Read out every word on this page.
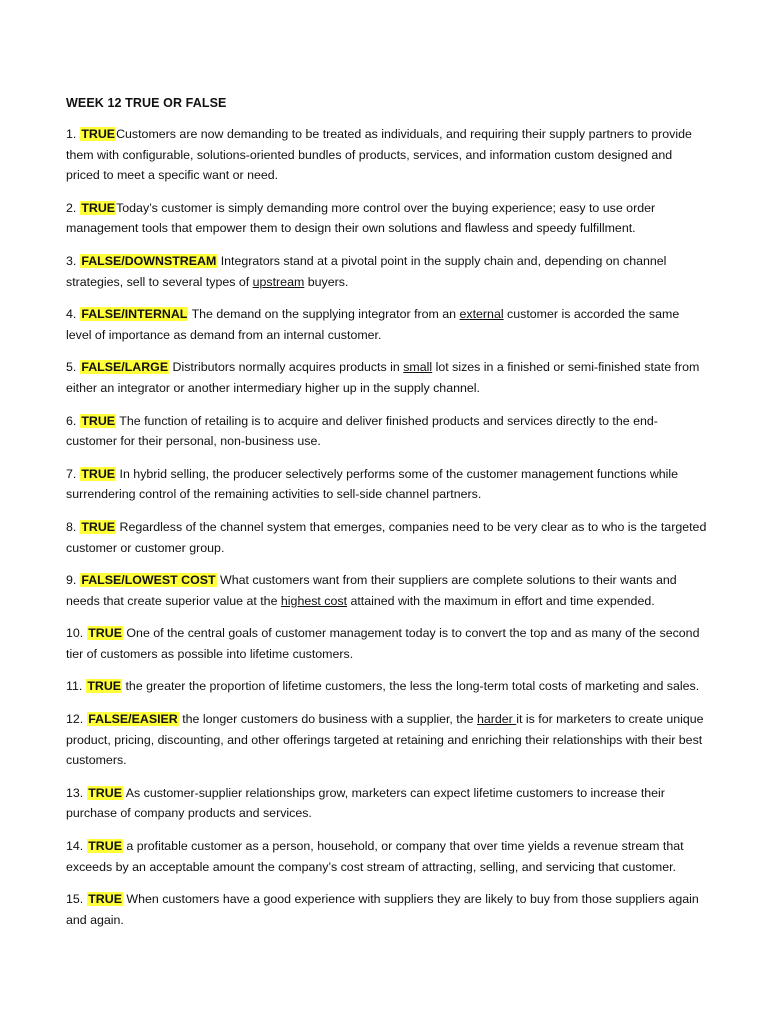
WEEK 12 TRUE OR FALSE
1. TRUECustomers are now demanding to be treated as individuals, and requiring their supply partners to provide them with configurable, solutions-oriented bundles of products, services, and information custom designed and priced to meet a specific want or need.
2. TRUEToday’s customer is simply demanding more control over the buying experience; easy to use order management tools that empower them to design their own solutions and flawless and speedy fulfillment.
3. FALSE/DOWNSTREAM Integrators stand at a pivotal point in the supply chain and, depending on channel strategies, sell to several types of upstream buyers.
4. FALSE/INTERNAL The demand on the supplying integrator from an external customer is accorded the same level of importance as demand from an internal customer.
5. FALSE/LARGE Distributors normally acquires products in small lot sizes in a finished or semi-finished state from either an integrator or another intermediary higher up in the supply channel.
6. TRUE The function of retailing is to acquire and deliver finished products and services directly to the end-customer for their personal, non-business use.
7. TRUE In hybrid selling, the producer selectively performs some of the customer management functions while surrendering control of the remaining activities to sell-side channel partners.
8. TRUE Regardless of the channel system that emerges, companies need to be very clear as to who is the targeted customer or customer group.
9. FALSE/LOWEST COST What customers want from their suppliers are complete solutions to their wants and needs that create superior value at the highest cost attained with the maximum in effort and time expended.
10. TRUE One of the central goals of customer management today is to convert the top and as many of the second tier of customers as possible into lifetime customers.
11. TRUE the greater the proportion of lifetime customers, the less the long-term total costs of marketing and sales.
12. FALSE/EASIER the longer customers do business with a supplier, the harder it is for marketers to create unique product, pricing, discounting, and other offerings targeted at retaining and enriching their relationships with their best customers.
13. TRUE As customer-supplier relationships grow, marketers can expect lifetime customers to increase their purchase of company products and services.
14. TRUE a profitable customer as a person, household, or company that over time yields a revenue stream that exceeds by an acceptable amount the company’s cost stream of attracting, selling, and servicing that customer.
15. TRUE When customers have a good experience with suppliers they are likely to buy from those suppliers again and again.
